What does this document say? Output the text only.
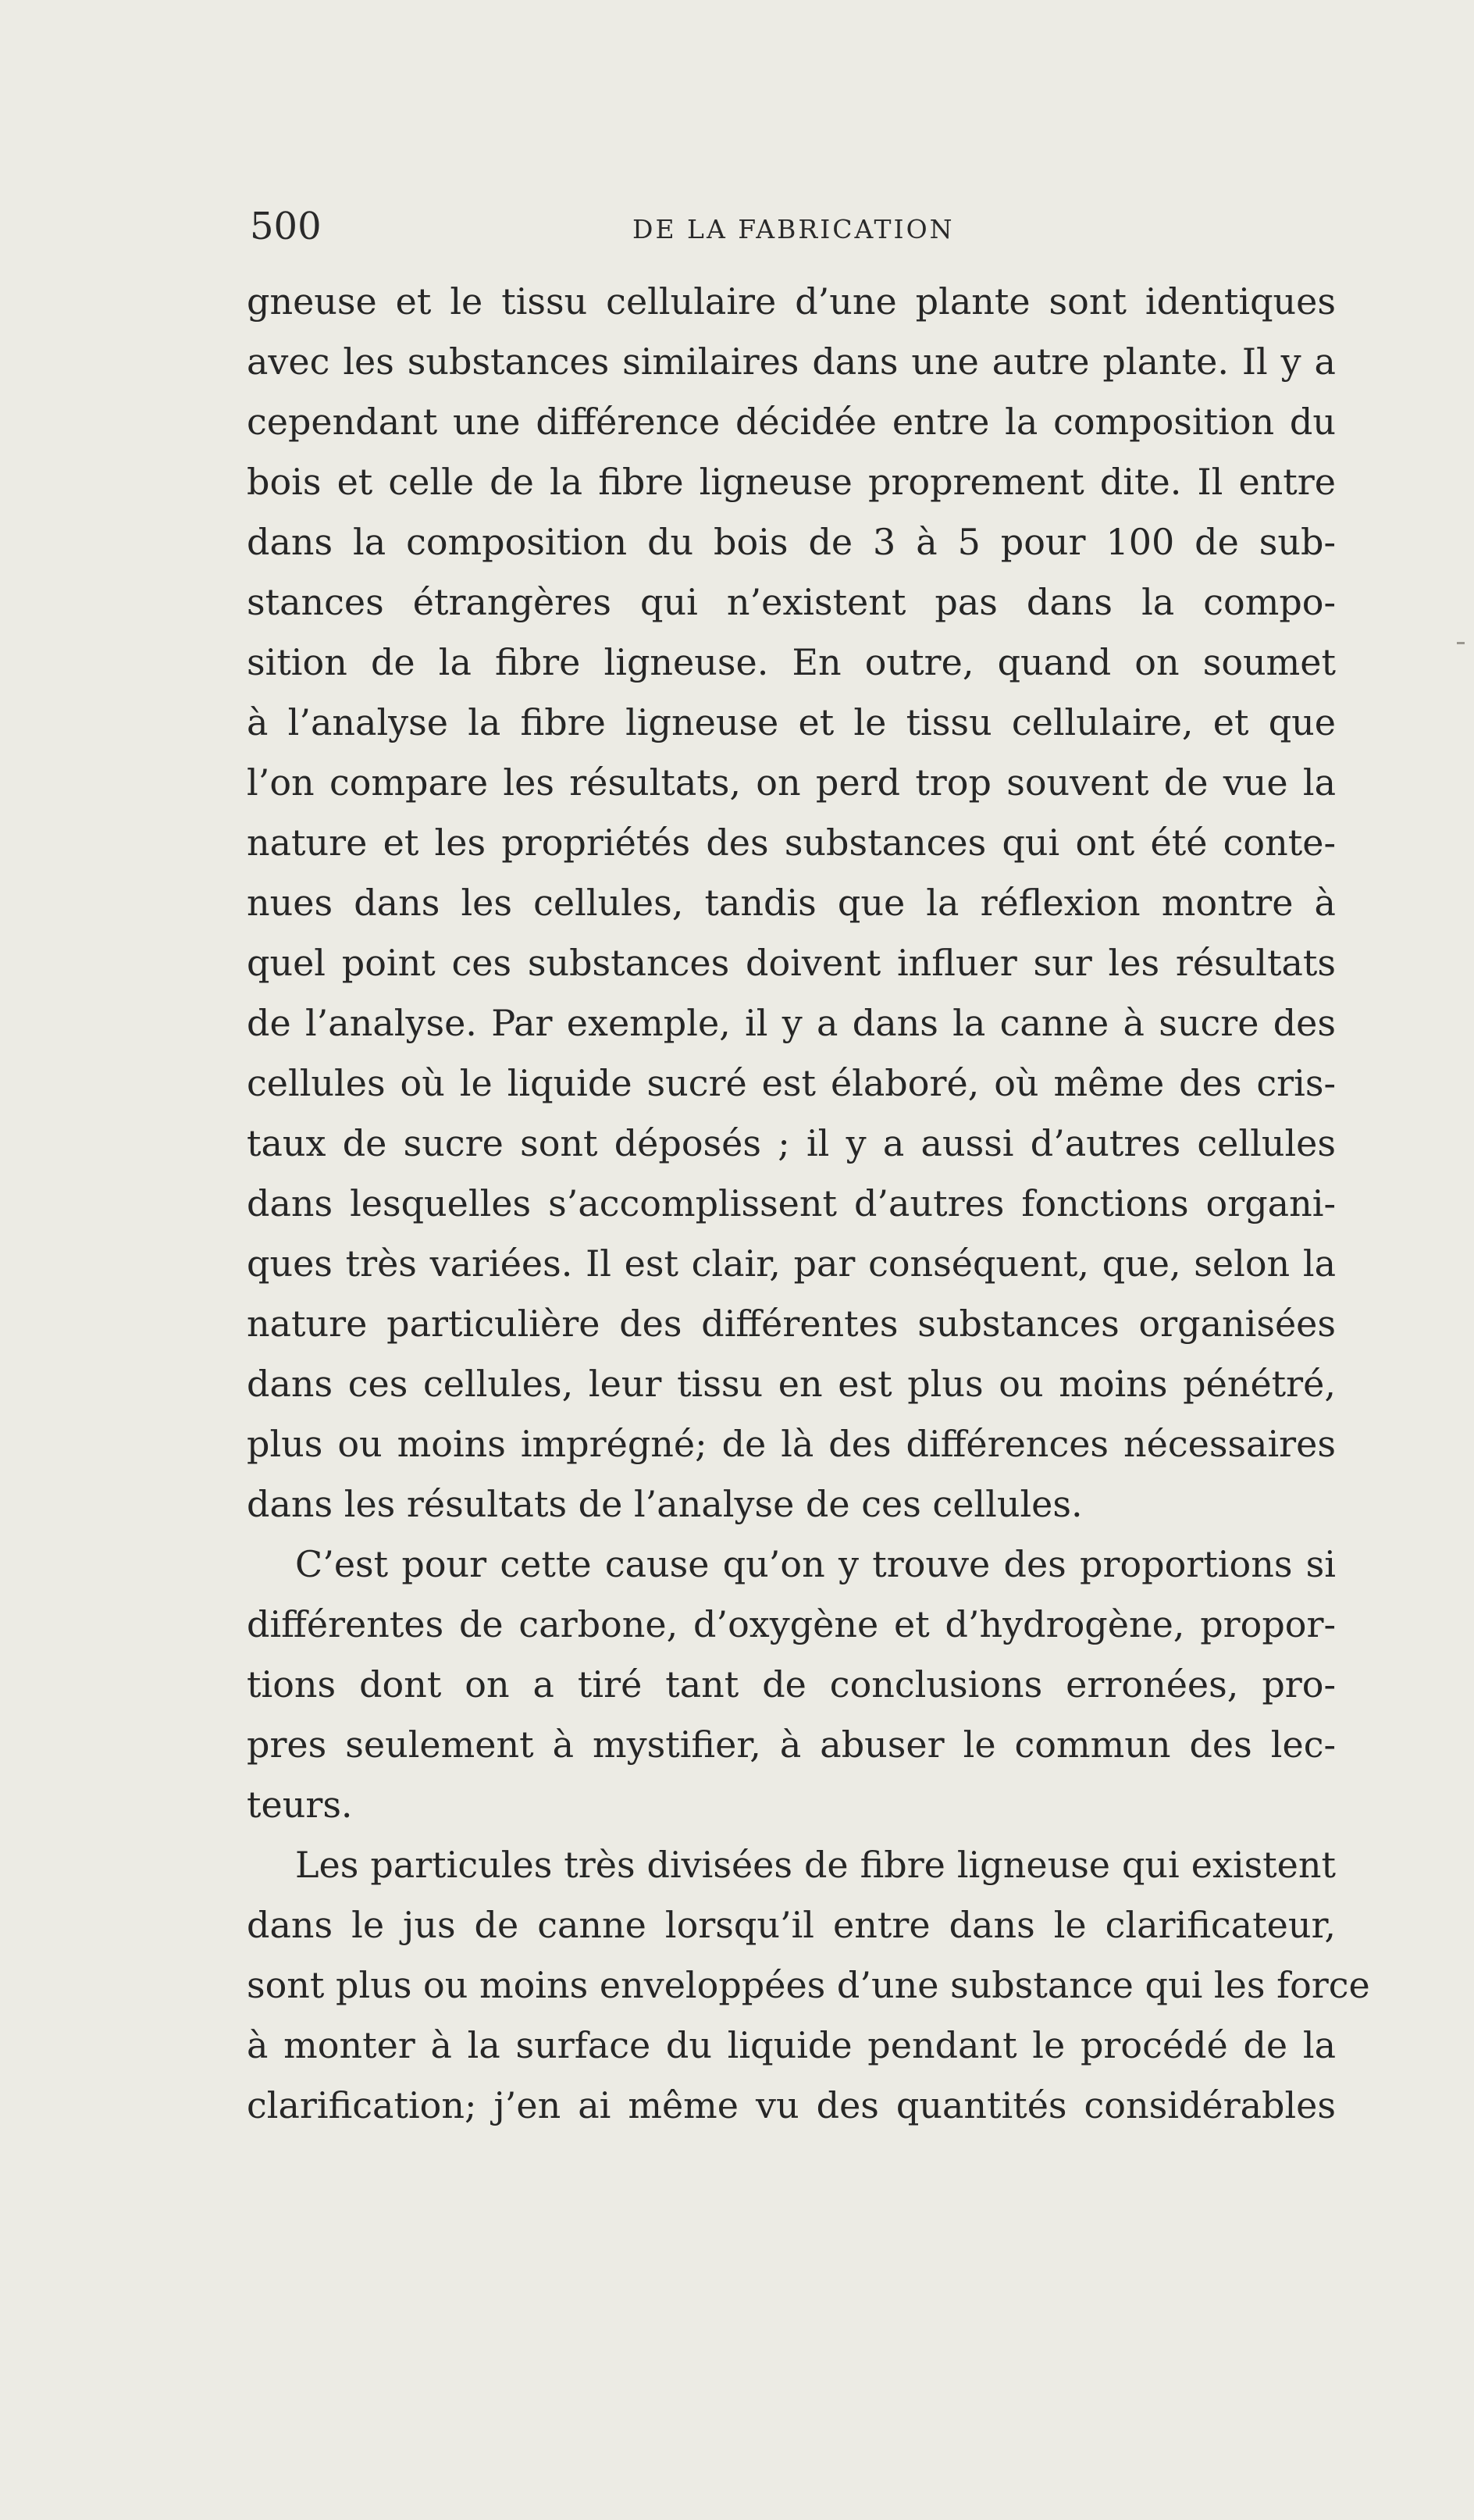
500	DE LA FABRICATION
gneuse et le tissu cellulaire d’une plante sont identiques
avec les substances similaires dans une autre plante. Il y a
cependant une différence décidée entre la composition du
bois et celle de la fibre ligneuse proprement dite. Il entre
dans la composition du bois de 3 à 5 pour 100 de sub-
stances étrangères qui n’existent pas dans la compo-
sition de la fibre ligneuse. En outre, quand on soumet
à l’analyse la fibre ligneuse et le tissu cellulaire, et que
l’on compare les résultats, on perd trop souvent de vue la
nature et les propriétés des substances qui ont été conte-
nues dans les cellules, tandis que la réflexion montre à
quel point ces substances doivent influer sur les résultats
de l’analyse. Par exemple, il y a dans la canne à sucre des
cellules où le liquide sucré est élaboré, où même des cris-
taux de sucre sont déposés ; il y a aussi d’autres cellules
dans lesquelles s’accomplissent d’autres fonctions organi-
ques très variées. Il est clair, par conséquent, que, selon la
nature particulière des différentes substances organisées
dans ces cellules, leur tissu en est plus ou moins pénétré,
plus ou moins imprégné; de là des différences nécessaires
dans les résultats de l’analyse de ces cellules.
C’est pour cette cause qu’on y trouve des proportions si
différentes de carbone, d’oxygène et d’hydrogène, propor-
tions dont on a tiré tant de conclusions erronées, pro-
pres seulement à mystifier, à abuser le commun des lec-
teurs.
Les particules très divisées de fibre ligneuse qui existent
dans le jus de canne lorsqu’il entre dans le clarificateur,
sont plus ou moins enveloppées d’une substance qui les force
à monter à la surface du liquide pendant le procédé de la
clarification; j’en ai même vu des quantités considérables
